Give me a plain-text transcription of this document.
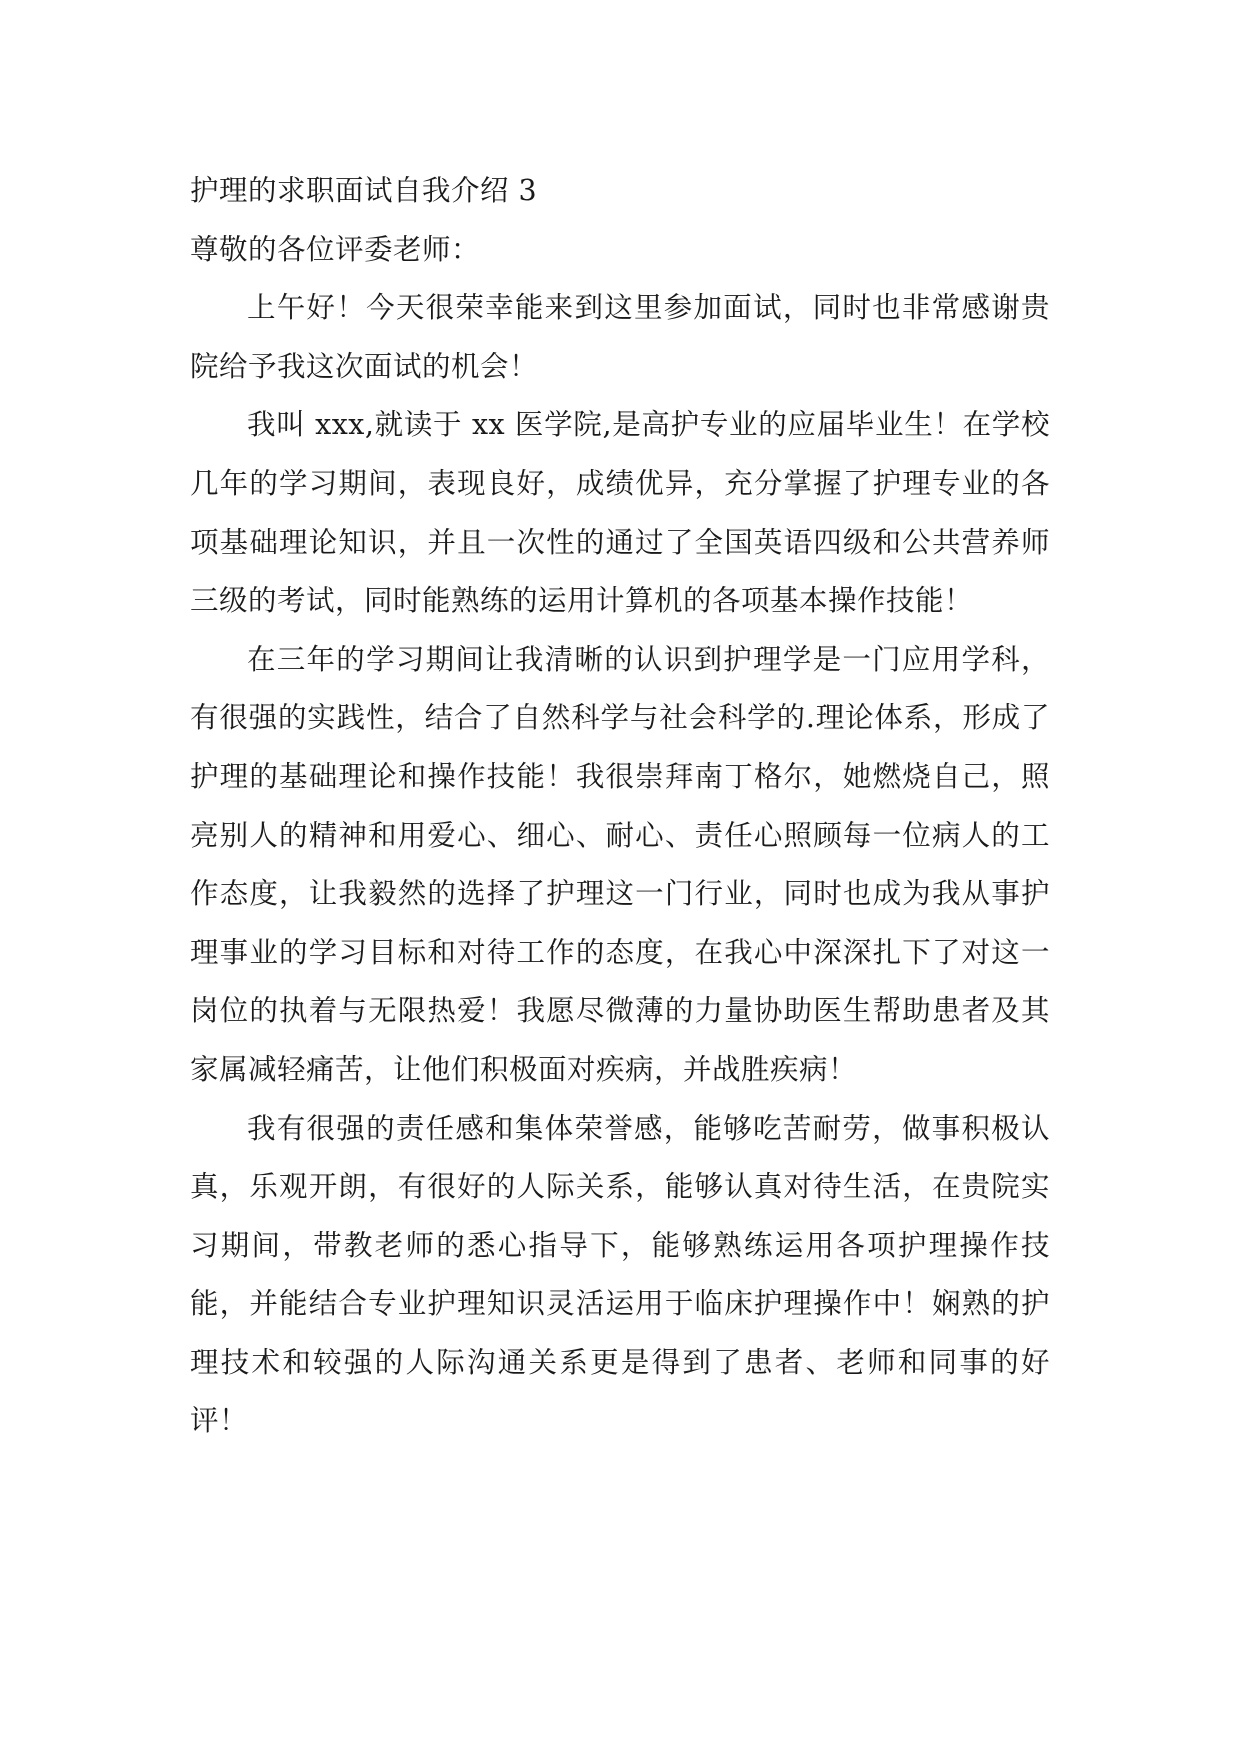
护理的求职面试自我介绍 3

尊敬的各位评委老师：

上午好！今天很荣幸能来到这里参加面试，同时也非常感谢贵院给予我这次面试的机会！

我叫 xxx,就读于 xx 医学院,是高护专业的应届毕业生！在学校几年的学习期间，表现良好，成绩优异，充分掌握了护理专业的各项基础理论知识，并且一次性的通过了全国英语四级和公共营养师三级的考试，同时能熟练的运用计算机的各项基本操作技能！

在三年的学习期间让我清晰的认识到护理学是一门应用学科，有很强的实践性，结合了自然科学与社会科学的.理论体系，形成了护理的基础理论和操作技能！我很崇拜南丁格尔，她燃烧自己，照亮别人的精神和用爱心、细心、耐心、责任心照顾每一位病人的工作态度，让我毅然的选择了护理这一门行业，同时也成为我从事护理事业的学习目标和对待工作的态度，在我心中深深扎下了对这一岗位的执着与无限热爱！我愿尽微薄的力量协助医生帮助患者及其家属减轻痛苦，让他们积极面对疾病，并战胜疾病！

我有很强的责任感和集体荣誉感，能够吃苦耐劳，做事积极认真，乐观开朗，有很好的人际关系，能够认真对待生活，在贵院实习期间，带教老师的悉心指导下，能够熟练运用各项护理操作技能，并能结合专业护理知识灵活运用于临床护理操作中！娴熟的护理技术和较强的人际沟通关系更是得到了患者、老师和同事的好评！
